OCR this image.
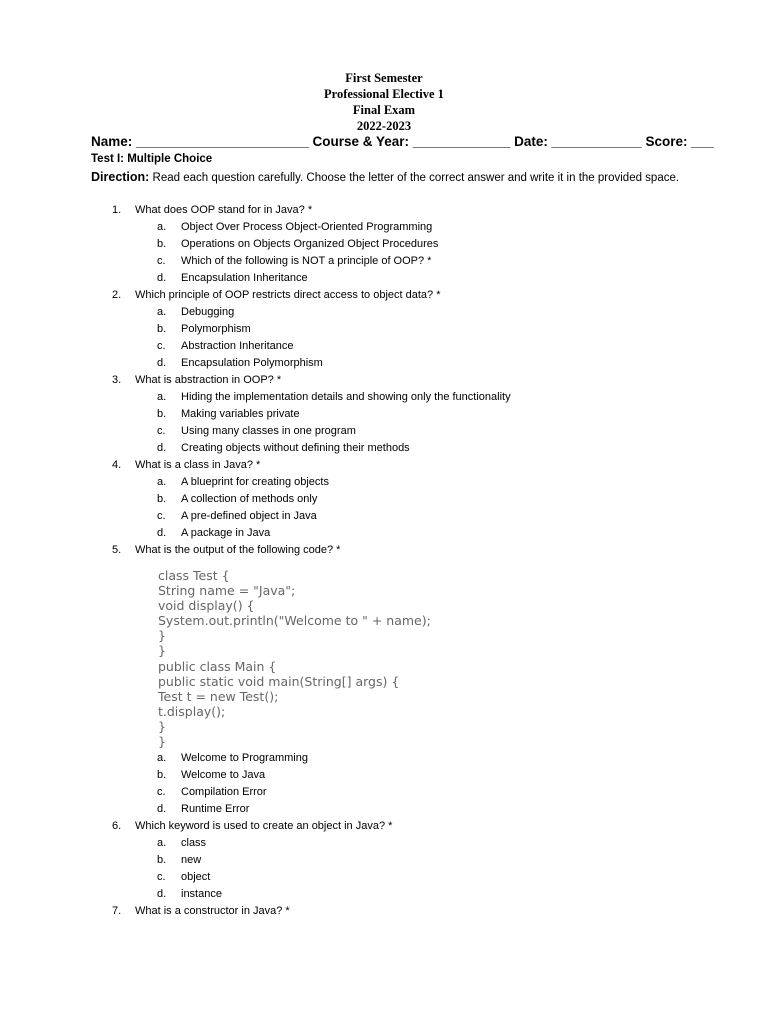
First Semester
Professional Elective 1
Final Exam
2022-2023
Name: _______________________ Course & Year: _____________ Date: ____________ Score: ___
Test I: Multiple Choice
Direction: Read each question carefully. Choose the letter of the correct answer and write it in the provided space.
1. What does OOP stand for in Java? *
a. Object Over Process Object-Oriented Programming
b. Operations on Objects Organized Object Procedures
c. Which of the following is NOT a principle of OOP? *
d. Encapsulation Inheritance
2. Which principle of OOP restricts direct access to object data? *
a. Debugging
b. Polymorphism
c. Abstraction Inheritance
d. Encapsulation Polymorphism
3. What is abstraction in OOP? *
a. Hiding the implementation details and showing only the functionality
b. Making variables private
c. Using many classes in one program
d. Creating objects without defining their methods
4. What is a class in Java? *
a. A blueprint for creating objects
b. A collection of methods only
c. A pre-defined object in Java
d. A package in Java
5. What is the output of the following code? *
class Test {
String name = "Java";
void display() {
System.out.println("Welcome to " + name);
}
}
public class Main {
public static void main(String[] args) {
Test t = new Test();
t.display();
}
}
a. Welcome to Programming
b. Welcome to Java
c. Compilation Error
d. Runtime Error
6. Which keyword is used to create an object in Java? *
a. class
b. new
c. object
d. instance
7. What is a constructor in Java? *
